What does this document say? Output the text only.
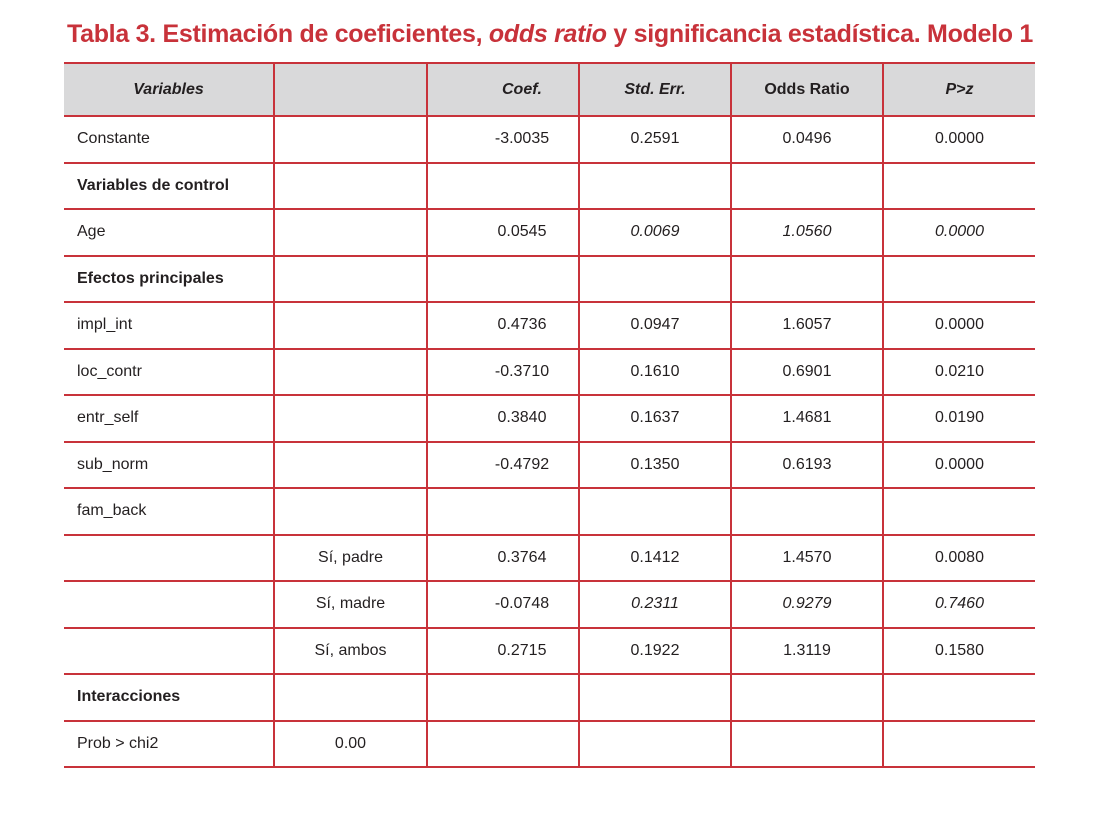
Tabla 3. Estimación de coeficientes, odds ratio y significancia estadística. Modelo 1
Variables		Coef.	Std. Err.	Odds Ratio	P>z
Constante		-3.0035	0.2591	0.0496	0.0000
Variables de control					
Age		0.0545	0.0069	1.0560	0.0000
Efectos principales					
impl_int		0.4736	0.0947	1.6057	0.0000
loc_contr		-0.3710	0.1610	0.6901	0.0210
entr_self		0.3840	0.1637	1.4681	0.0190
sub_norm		-0.4792	0.1350	0.6193	0.0000
fam_back					
	Sí, padre	0.3764	0.1412	1.4570	0.0080
	Sí, madre	-0.0748	0.2311	0.9279	0.7460
	Sí, ambos	0.2715	0.1922	1.3119	0.1580
Interacciones					
Prob > chi2	0.00				
